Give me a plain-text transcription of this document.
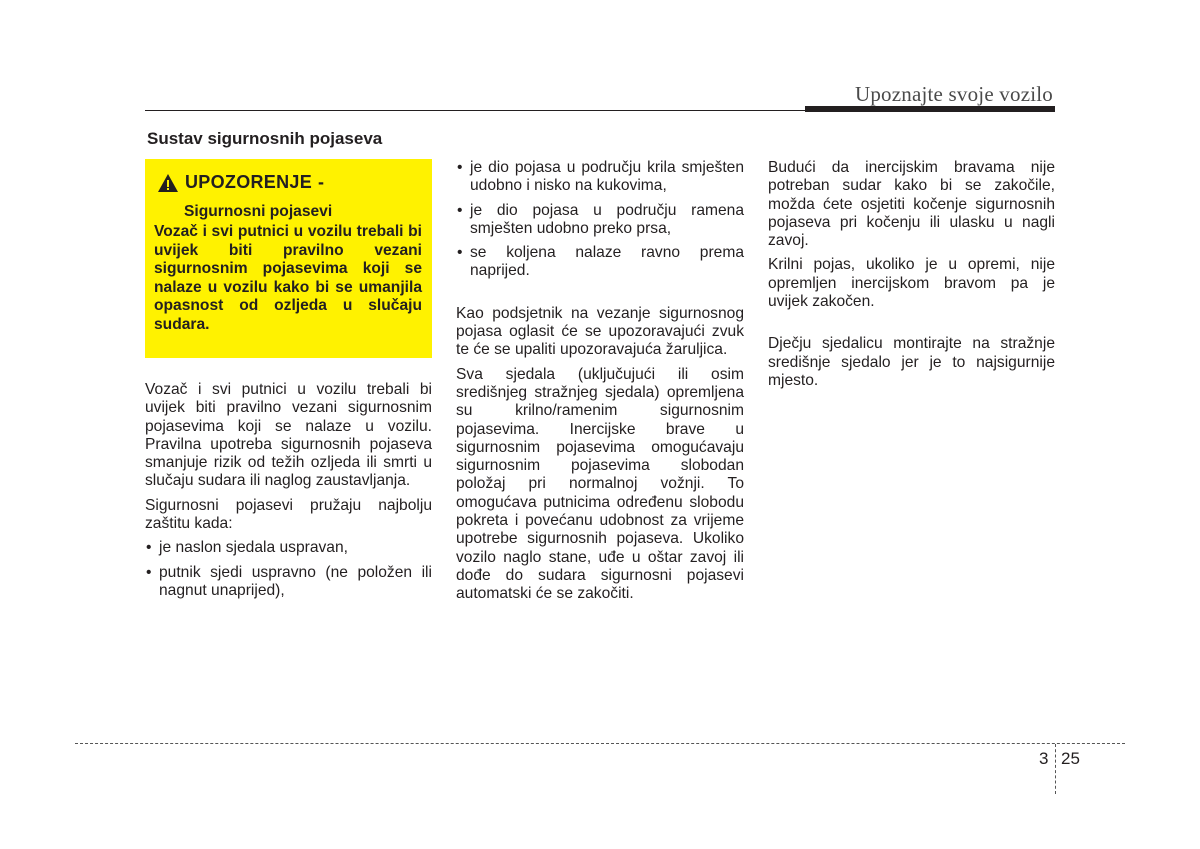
Upoznajte svoje vozilo
Sustav sigurnosnih pojaseva
UPOZORENJE -
Sigurnosni pojasevi
Vozač i svi putnici u vozilu trebali bi uvijek biti pravilno vezani sigurnosnim pojasevima koji se nalaze u vozilu kako bi se umanjila opasnost od ozljeda u slučaju sudara.

Vozač i svi putnici u vozilu trebali bi uvijek biti pravilno vezani sigurnosnim pojasevima koji se nalaze u vozilu. Pravilna upotreba sigurnosnih pojaseva smanjuje rizik od težih ozljeda ili smrti u slučaju sudara ili naglog zaustavljanja.

Sigurnosni pojasevi pružaju najbolju zaštitu kada:

• je naslon sjedala uspravan,
• putnik sjedi uspravno (ne položen ili nagnut unaprijed),
• je dio pojasa u području krila smješten udobno i nisko na kukovima,
• je dio pojasa u području ramena smješten udobno preko prsa,
• se koljena nalaze ravno prema naprijed.

Kao podsjetnik na vezanje sigurnosnog pojasa oglasit će se upozoravajući zvuk te će se upaliti upozoravajuća žaruljica.

Sva sjedala (uključujući ili osim središnjeg stražnjeg sjedala) opremljena su krilno/ramenim sigurnosnim pojasevima. Inercijske brave u sigurnosnim pojasevima omogućavaju sigurnosnim pojasevima slobodan položaj pri normalnoj vožnji. To omogućava putnicima određenu slobodu pokreta i povećanu udobnost za vrijeme upotrebe sigurnosnih pojaseva. Ukoliko vozilo naglo stane, uđe u oštar zavoj ili dođe do sudara sigurnosni pojasevi automatski će se zakočiti.

Budući da inercijskim bravama nije potreban sudar kako bi se zakočile, možda ćete osjetiti kočenje sigurnosnih pojaseva pri kočenju ili ulasku u nagli zavoj.

Krilni pojas, ukoliko je u opremi, nije opremljen inercijskom bravom pa je uvijek zakočen.

Dječju sjedalicu montirajte na stražnje središnje sjedalo jer je to najsigurnije mjesto.

3 25
